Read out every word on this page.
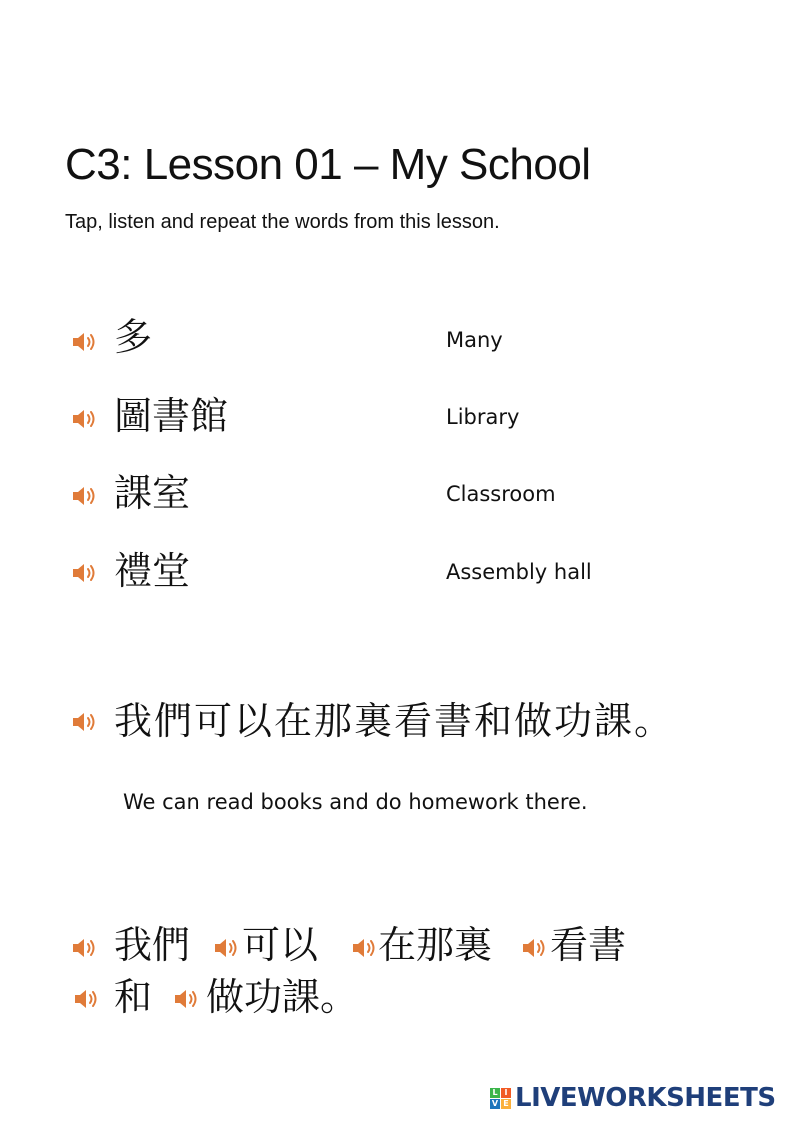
C3: Lesson 01 – My School
Tap, listen and repeat the words from this lesson.
多	Many
圖書館	Library
課室	Classroom
禮堂	Assembly hall
我們可以在那裏看書和做功課。
We can read books and do homework there.
我們 可以 在那裏 看書
和 做功課。
L I
V E LIVEWORKSHEETS
